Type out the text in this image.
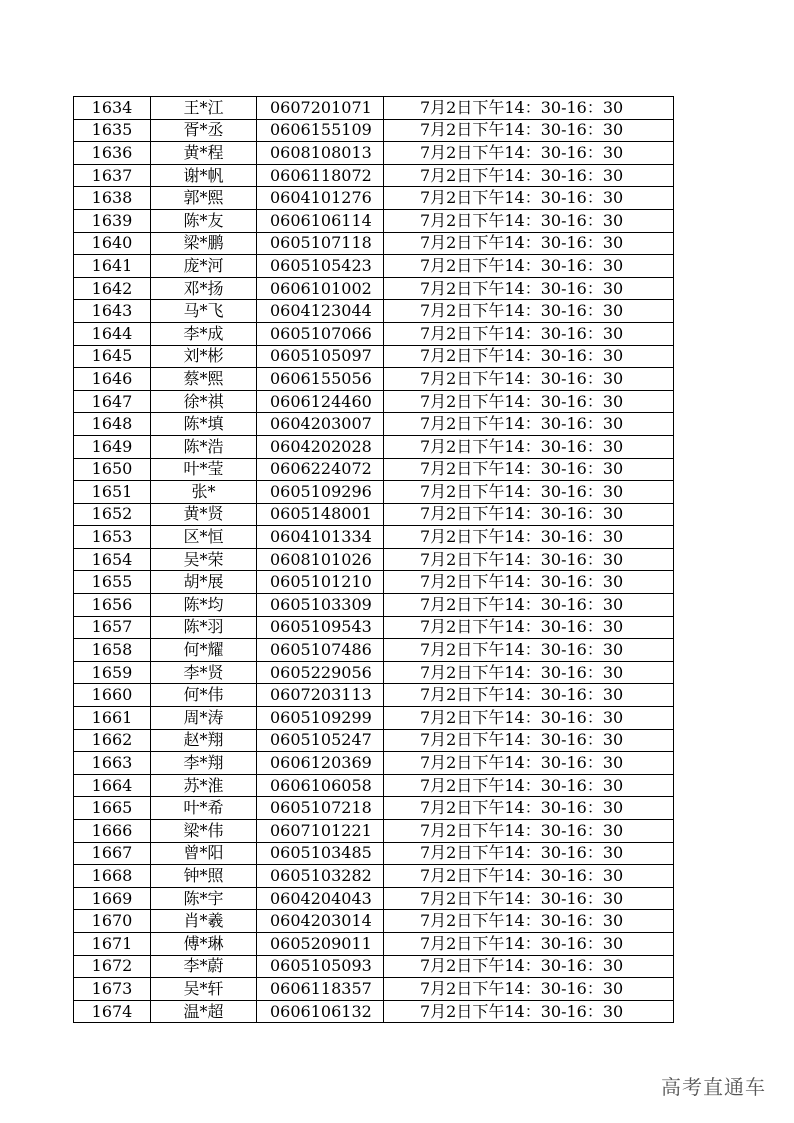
1634	王*江	0607201071	7月2日下午14：30-16：30
1635	胥*丞	0606155109	7月2日下午14：30-16：30
1636	黄*程	0608108013	7月2日下午14：30-16：30
1637	谢*帆	0606118072	7月2日下午14：30-16：30
1638	郭*熙	0604101276	7月2日下午14：30-16：30
1639	陈*友	0606106114	7月2日下午14：30-16：30
1640	梁*鹏	0605107118	7月2日下午14：30-16：30
1641	庞*河	0605105423	7月2日下午14：30-16：30
1642	邓*扬	0606101002	7月2日下午14：30-16：30
1643	马*飞	0604123044	7月2日下午14：30-16：30
1644	李*成	0605107066	7月2日下午14：30-16：30
1645	刘*彬	0605105097	7月2日下午14：30-16：30
1646	蔡*熙	0606155056	7月2日下午14：30-16：30
1647	徐*祺	0606124460	7月2日下午14：30-16：30
1648	陈*填	0604203007	7月2日下午14：30-16：30
1649	陈*浩	0604202028	7月2日下午14：30-16：30
1650	叶*莹	0606224072	7月2日下午14：30-16：30
1651	张*	0605109296	7月2日下午14：30-16：30
1652	黄*贤	0605148001	7月2日下午14：30-16：30
1653	区*恒	0604101334	7月2日下午14：30-16：30
1654	吴*荣	0608101026	7月2日下午14：30-16：30
1655	胡*展	0605101210	7月2日下午14：30-16：30
1656	陈*均	0605103309	7月2日下午14：30-16：30
1657	陈*羽	0605109543	7月2日下午14：30-16：30
1658	何*耀	0605107486	7月2日下午14：30-16：30
1659	李*贤	0605229056	7月2日下午14：30-16：30
1660	何*伟	0607203113	7月2日下午14：30-16：30
1661	周*涛	0605109299	7月2日下午14：30-16：30
1662	赵*翔	0605105247	7月2日下午14：30-16：30
1663	李*翔	0606120369	7月2日下午14：30-16：30
1664	苏*淮	0606106058	7月2日下午14：30-16：30
1665	叶*希	0605107218	7月2日下午14：30-16：30
1666	梁*伟	0607101221	7月2日下午14：30-16：30
1667	曾*阳	0605103485	7月2日下午14：30-16：30
1668	钟*照	0605103282	7月2日下午14：30-16：30
1669	陈*宇	0604204043	7月2日下午14：30-16：30
1670	肖*羲	0604203014	7月2日下午14：30-16：30
1671	傅*琳	0605209011	7月2日下午14：30-16：30
1672	李*蔚	0605105093	7月2日下午14：30-16：30
1673	吴*轩	0606118357	7月2日下午14：30-16：30
1674	温*超	0606106132	7月2日下午14：30-16：30
高考直通车
